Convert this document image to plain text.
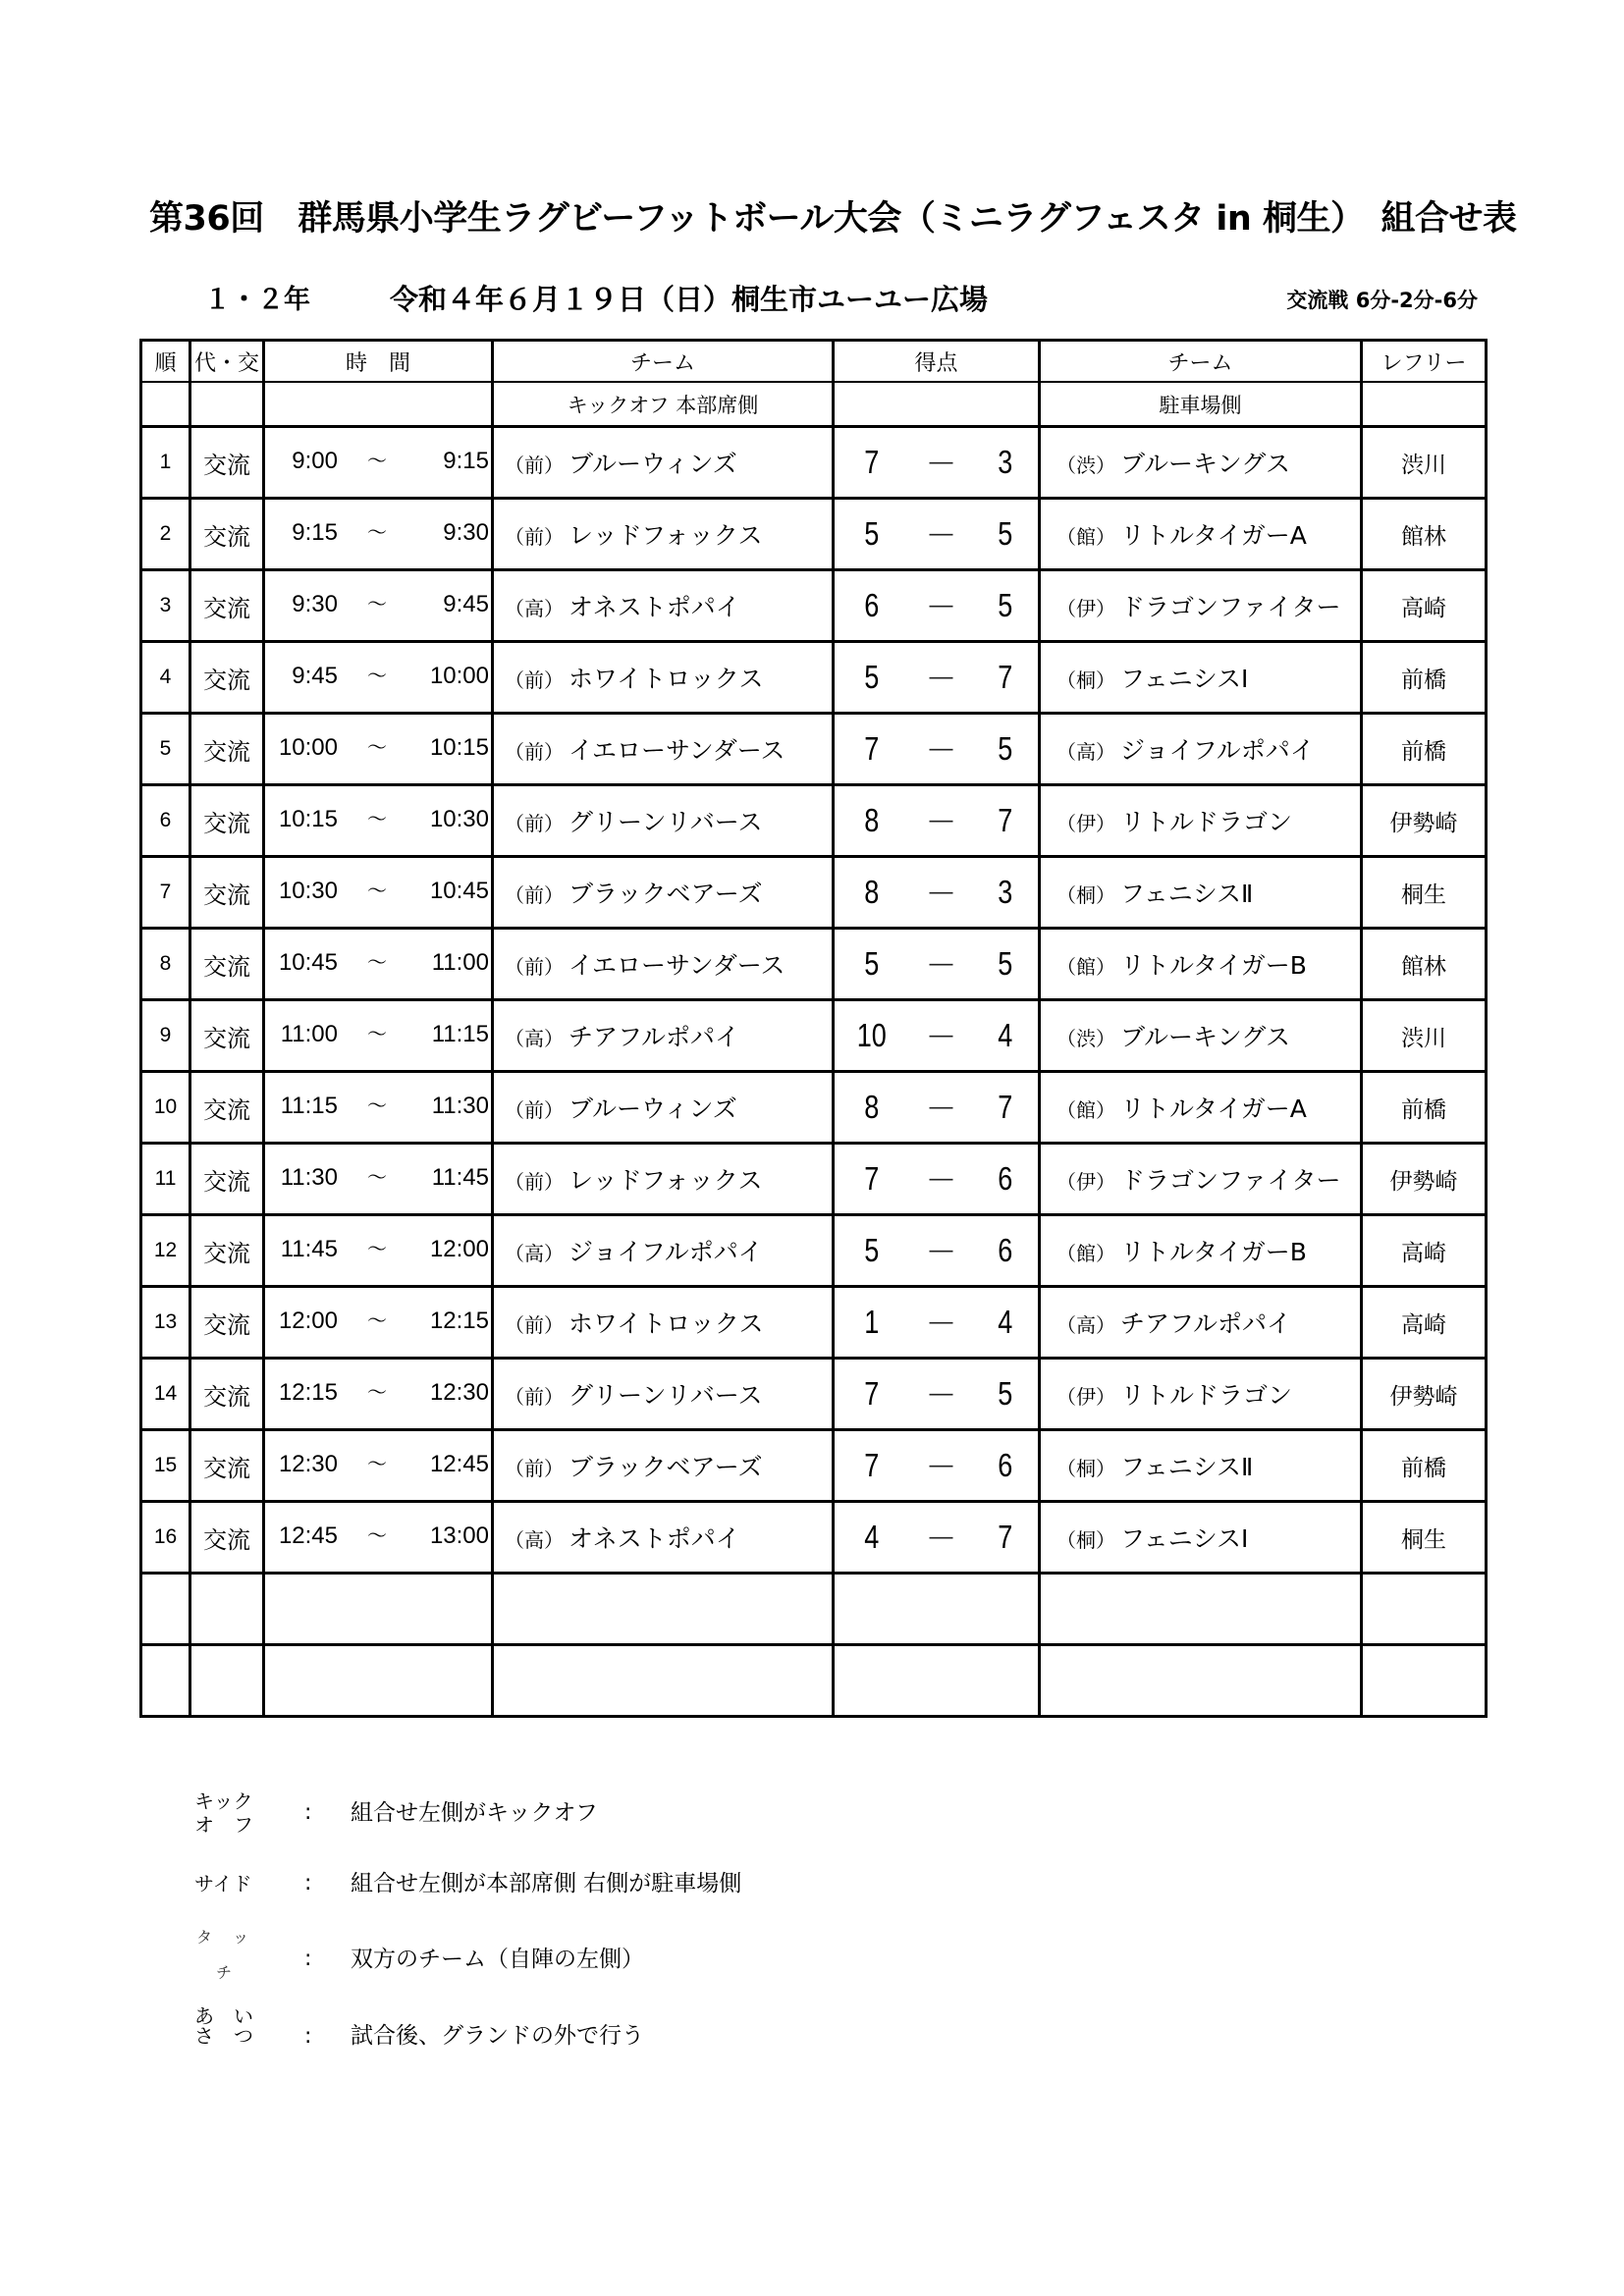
第36回　群馬県小学生ラグビーフットボール大会（ミニラグフェスタ in 桐生）　組合せ表
１・２年	令和４年６月１９日（日）桐生市ユーユー広場	交流戦 6分-2分-6分
順	代・交	時　間	チーム	得点	チーム	レフリー
			キックオフ 本部席側		駐車場側	
1	交流	9:00 ～ 9:15	（前） ブルーウィンズ	7 — 3	（渋） ブルーキングス	渋川
2	交流	9:15 ～ 9:30	（前） レッドフォックス	5 — 5	（館） リトルタイガーA	館林
3	交流	9:30 ～ 9:45	（高） オネストポパイ	6 — 5	（伊） ドラゴンファイター	高崎
4	交流	9:45 ～ 10:00	（前） ホワイトロックス	5 — 7	（桐） フェニシスⅠ	前橋
5	交流	10:00 ～ 10:15	（前） イエローサンダース	7 — 5	（高） ジョイフルポパイ	前橋
6	交流	10:15 ～ 10:30	（前） グリーンリバース	8 — 7	（伊） リトルドラゴン	伊勢崎
7	交流	10:30 ～ 10:45	（前） ブラックベアーズ	8 — 3	（桐） フェニシスⅡ	桐生
8	交流	10:45 ～ 11:00	（前） イエローサンダース	5 — 5	（館） リトルタイガーB	館林
9	交流	11:00 ～ 11:15	（高） チアフルポパイ	10 — 4	（渋） ブルーキングス	渋川
10	交流	11:15 ～ 11:30	（前） ブルーウィンズ	8 — 7	（館） リトルタイガーA	前橋
11	交流	11:30 ～ 11:45	（前） レッドフォックス	7 — 6	（伊） ドラゴンファイター	伊勢崎
12	交流	11:45 ～ 12:00	（高） ジョイフルポパイ	5 — 6	（館） リトルタイガーB	高崎
13	交流	12:00 ～ 12:15	（前） ホワイトロックス	1 — 4	（高） チアフルポパイ	高崎
14	交流	12:15 ～ 12:30	（前） グリーンリバース	7 — 5	（伊） リトルドラゴン	伊勢崎
15	交流	12:30 ～ 12:45	（前） ブラックベアーズ	7 — 6	（桐） フェニシスⅡ	前橋
16	交流	12:45 ～ 13:00	（高） オネストポパイ	4 — 7	（桐） フェニシスⅠ	桐生

キック
オ　フ : 組合せ左側がキックオフ
サイド : 組合せ左側が本部席側 右側が駐車場側
タ　 ッ
チ
: 双方のチーム（自陣の左側）
あ　い
さ　つ : 試合後、グランドの外で行う
